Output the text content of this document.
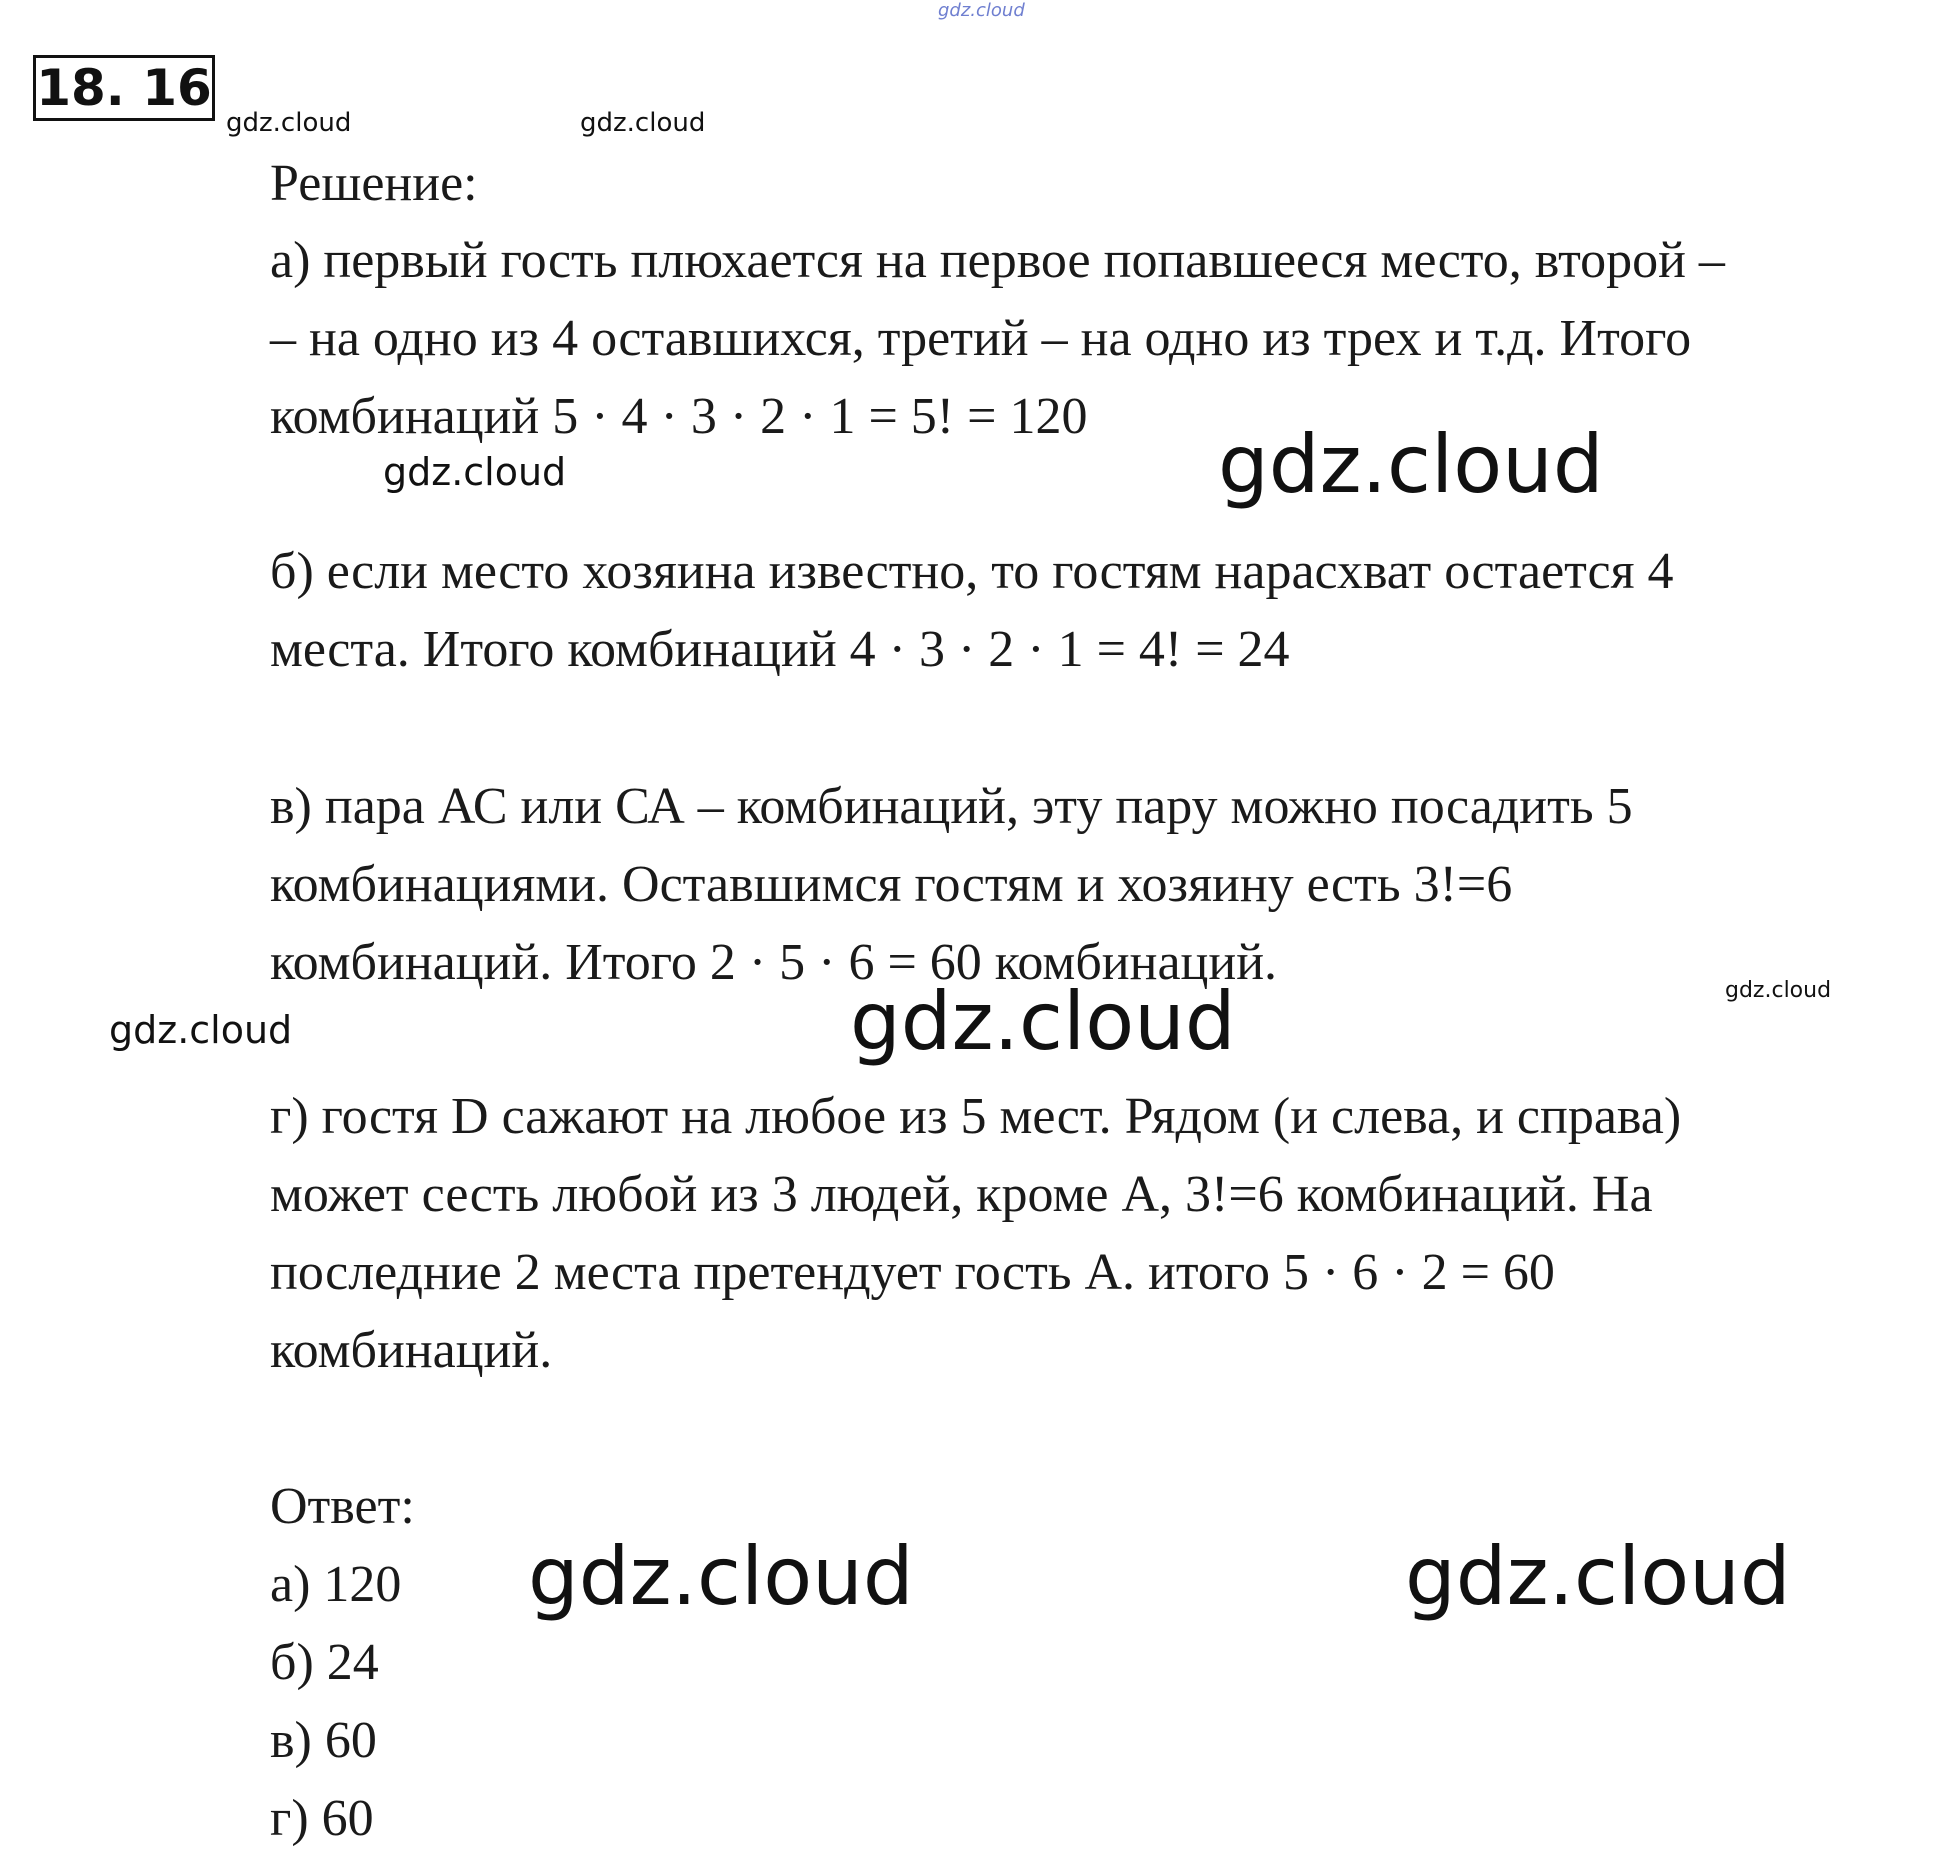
gdz.cloud
18. 16
gdz.cloud	gdz.cloud
gdz.cloud	gdz.cloud
gdz.cloud	gdz.cloud	gdz.cloud
gdz.cloud	gdz.cloud
Решение:
а) первый гость плюхается на первое попавшееся место, второй –
– на одно из 4 оставшихся, третий – на одно из трех и т.д. Итого
комбинаций 5 · 4 · 3 · 2 · 1 = 5! = 120
б) если место хозяина известно, то гостям нарасхват остается 4
места. Итого комбинаций 4 · 3 · 2 · 1 = 4! = 24
в) пара АС или СА – комбинаций, эту пару можно посадить 5
комбинациями. Оставшимся гостям и хозяину есть 3!=6
комбинаций. Итого 2 · 5 · 6 = 60 комбинаций.
г) гостя D сажают на любое из 5 мест. Рядом (и слева, и справа)
может сесть любой из 3 людей, кроме А, 3!=6 комбинаций. На
последние 2 места претендует гость А. итого 5 · 6 · 2 = 60
комбинаций.
Ответ:
а) 120
б) 24
в) 60
г) 60
